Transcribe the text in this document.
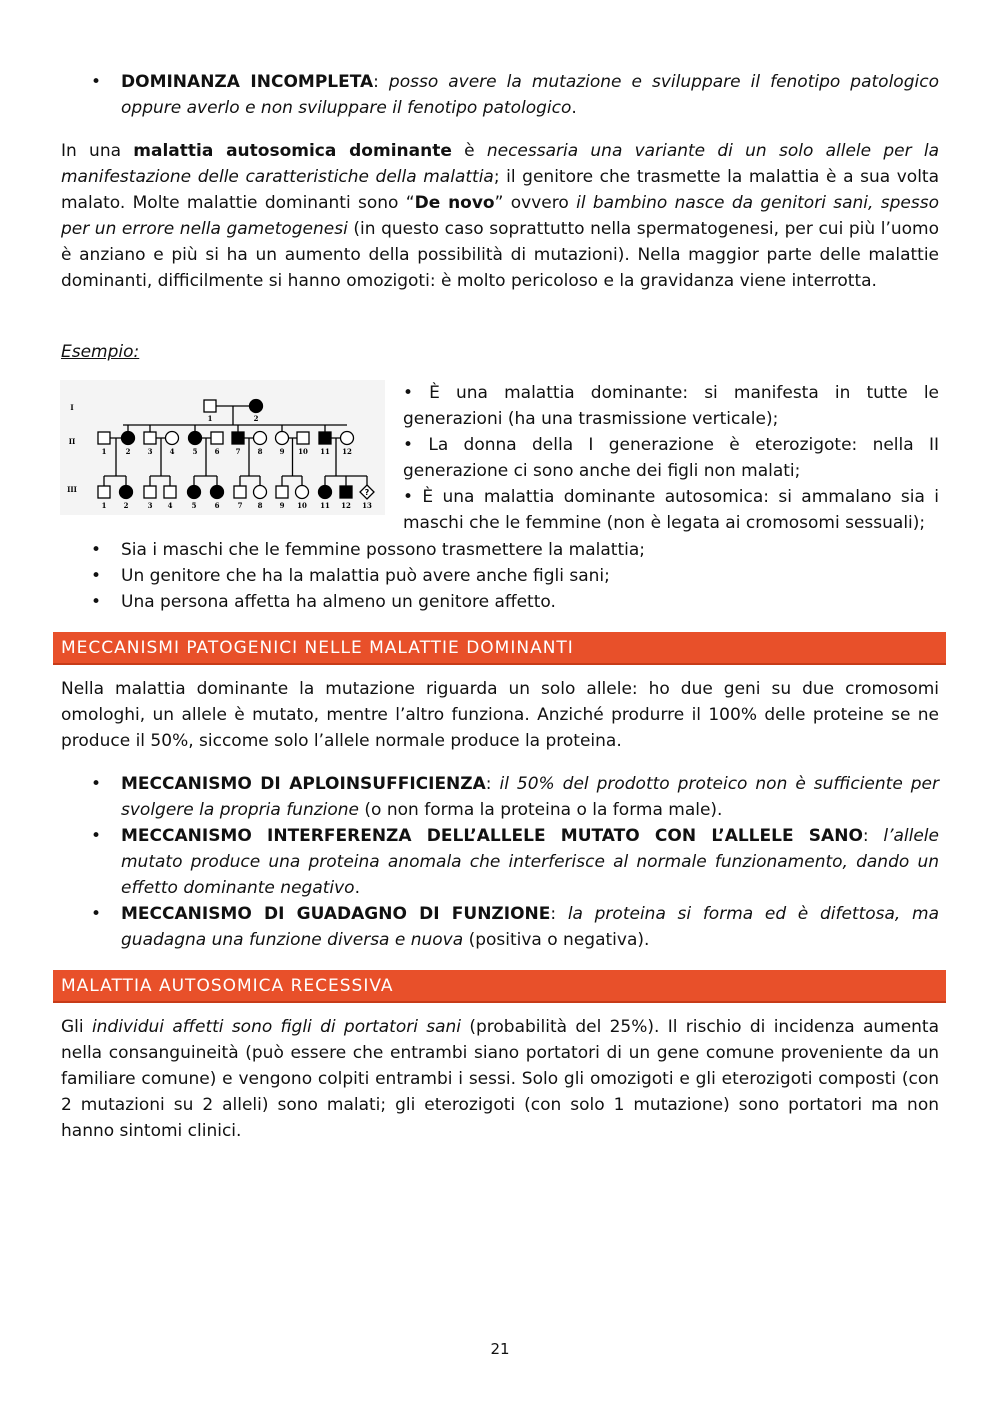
• DOMINANZA INCOMPLETA: posso avere la mutazione e sviluppare il fenotipo patologico oppure averlo e non sviluppare il fenotipo patologico.

In una malattia autosomica dominante è necessaria una variante di un solo allele per la manifestazione delle caratteristiche della malattia; il genitore che trasmette la malattia è a sua volta malato. Molte malattie dominanti sono “De novo” ovvero il bambino nasce da genitori sani, spesso per un errore nella gametogenesi (in questo caso soprattutto nella spermatogenesi, per cui più l’uomo è anziano e più si ha un aumento della possibilità di mutazioni). Nella maggior parte delle malattie dominanti, difficilmente si hanno omozigoti: è molto pericoloso e la gravidanza viene interrotta.

Esempio:

I
II
III
1	2
1	2 3 4	5 6 7 8 9 10 11 12
1 2	3 4	5	6	7 8 9 10 11 12 13
?
• È una malattia dominante: si manifesta in tutte le generazioni (ha una trasmissione verticale);
• La donna della I generazione è eterozigote: nella II generazione ci sono anche dei figli non malati;
• È una malattia dominante autosomica: si ammalano sia i maschi che le femmine (non è legata ai cromosomi sessuali);
• Sia i maschi che le femmine possono trasmettere la malattia;
• Un genitore che ha la malattia può avere anche figli sani;
• Una persona affetta ha almeno un genitore affetto.
MECCANISMI PATOGENICI NELLE MALATTIE DOMINANTI

Nella malattia dominante la mutazione riguarda un solo allele: ho due geni su due cromosomi omologhi, un allele è mutato, mentre l’altro funziona. Anziché produrre il 100% delle proteine se ne produce il 50%, siccome solo l’allele normale produce la proteina.

• MECCANISMO DI APLOINSUFFICIENZA: il 50% del prodotto proteico non è sufficiente per svolgere la propria funzione (o non forma la proteina o la forma male).
• MECCANISMO INTERFERENZA DELL’ALLELE MUTATO CON L’ALLELE SANO: l’allele mutato produce una proteina anomala che interferisce al normale funzionamento, dando un effetto dominante negativo.
• MECCANISMO DI GUADAGNO DI FUNZIONE: la proteina si forma ed è difettosa, ma guadagna una funzione diversa e nuova (positiva o negativa).
MALATTIA AUTOSOMICA RECESSIVA

Gli individui affetti sono figli di portatori sani (probabilità del 25%). Il rischio di incidenza aumenta nella consanguineità (può essere che entrambi siano portatori di un gene comune proveniente da un familiare comune) e vengono colpiti entrambi i sessi. Solo gli omozigoti e gli eterozigoti composti (con 2 mutazioni su 2 alleli) sono malati; gli eterozigoti (con solo 1 mutazione) sono portatori ma non hanno sintomi clinici.

21
